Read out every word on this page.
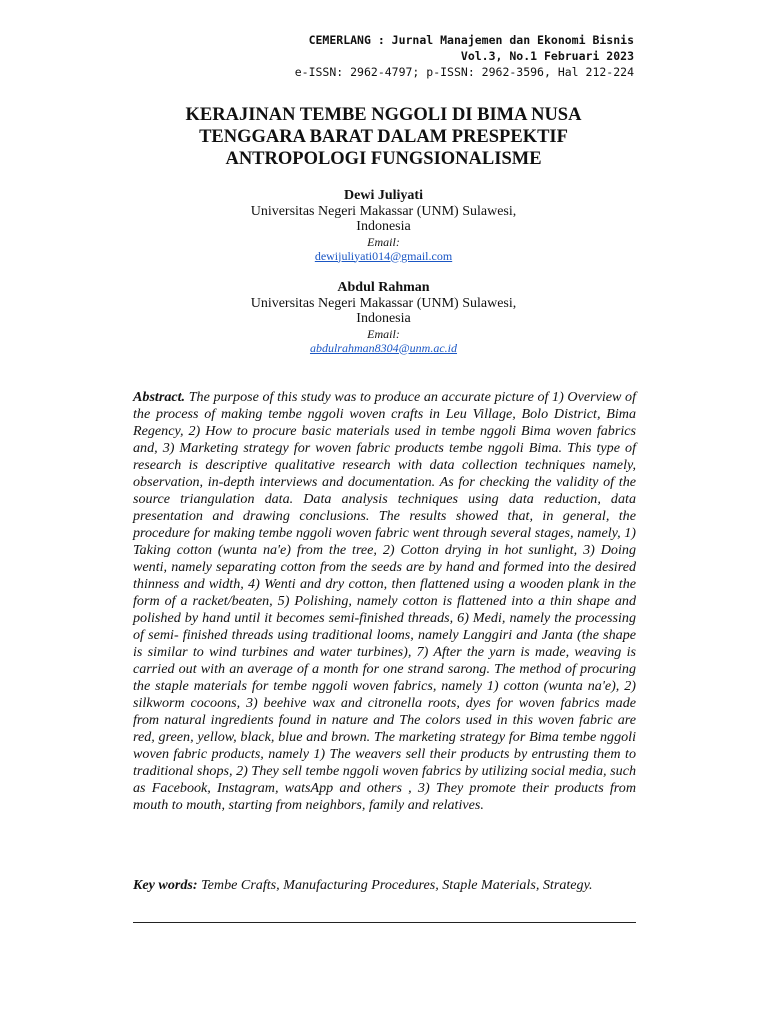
CEMERLANG : Jurnal Manajemen dan Ekonomi Bisnis
Vol.3, No.1 Februari 2023
e-ISSN: 2962-4797; p-ISSN: 2962-3596, Hal 212-224
KERAJINAN TEMBE NGGOLI DI BIMA NUSA TENGGARA BARAT DALAM PRESPEKTIF ANTROPOLOGI FUNGSIONALISME
Dewi Juliyati
Universitas Negeri Makassar (UNM) Sulawesi,
Indonesia
Email:
dewijuliyati014@gmail.com
Abdul Rahman
Universitas Negeri Makassar (UNM) Sulawesi,
Indonesia
Email:
abdulrahman8304@unm.ac.id
Abstract. The purpose of this study was to produce an accurate picture of 1) Overview of the process of making tembe nggoli woven crafts in Leu Village, Bolo District, Bima Regency, 2) How to procure basic materials used in tembe nggoli Bima woven fabrics and, 3) Marketing strategy for woven fabric products tembe nggoli Bima. This type of research is descriptive qualitative research with data collection techniques namely, observation, in-depth interviews and documentation. As for checking the validity of the source triangulation data. Data analysis techniques using data reduction, data presentation and drawing conclusions. The results showed that, in general, the procedure for making tembe nggoli woven fabric went through several stages, namely, 1) Taking cotton (wunta na'e) from the tree, 2) Cotton drying in hot sunlight, 3) Doing wenti, namely separating cotton from the seeds are by hand and formed into the desired thinness and width, 4) Wenti and dry cotton, then flattened using a wooden plank in the form of a racket/beaten, 5) Polishing, namely cotton is flattened into a thin shape and polished by hand until it becomes semi-finished threads, 6) Medi, namely the processing of semi- finished threads using traditional looms, namely Langgiri and Janta (the shape is similar to wind turbines and water turbines), 7) After the yarn is made, weaving is carried out with an average of a month for one strand sarong. The method of procuring the staple materials for tembe nggoli woven fabrics, namely 1) cotton (wunta na'e), 2) silkworm cocoons, 3) beehive wax and citronella roots, dyes for woven fabrics made from natural ingredients found in nature and The colors used in this woven fabric are red, green, yellow, black, blue and brown. The marketing strategy for Bima tembe nggoli woven fabric products, namely 1) The weavers sell their products by entrusting them to traditional shops, 2) They sell tembe nggoli woven fabrics by utilizing social media, such as Facebook, Instagram, watsApp and others , 3) They promote their products from mouth to mouth, starting from neighbors, family and relatives.
Key words: Tembe Crafts, Manufacturing Procedures, Staple Materials, Strategy.
